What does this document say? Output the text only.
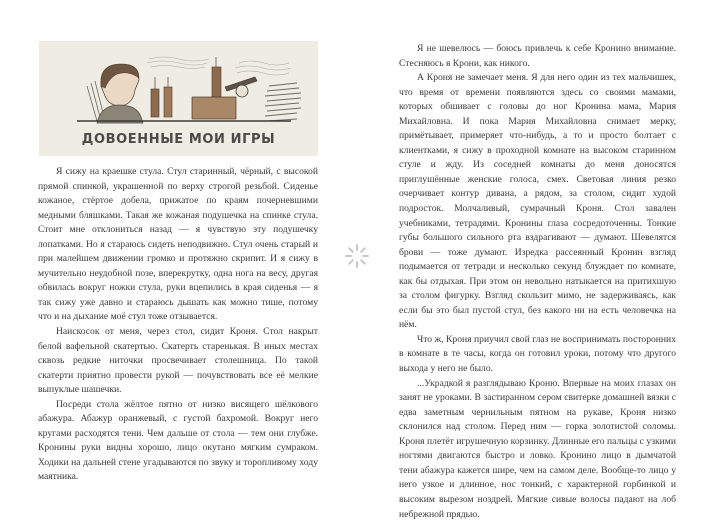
ДОВОЕННЫЕ МОИ ИГРЫ

Я сижу на краешке стула. Стул старинный, чёрный, с высокой прямой спинкой, украшенной по верху строгой резьбой. Сиденье кожаное, стёртое добела, прижатое по краям почерневшими медными бляшками. Такая же кожаная подушечка на спинке стула. Стоит мне отклониться назад — я чувствую эту подушечку лопатками. Но я стараюсь сидеть неподвижно. Стул очень старый и при малейшем движении громко и протяжно скрипит. И я сижу в мучительно неудобной позе, вперекрутку, одна нога на весу, другая обвилась вокруг ножки стула, руки вцепились в края сиденья — я так сижу уже давно и стараюсь дышать как можно тише, потому что и на дыхание моё стул тоже отзывается.

Наискосок от меня, через стол, сидит Кроня. Стол накрыт белой вафельной скатертью. Скатерть старенькая. В иных местах сквозь редкие ниточки просвечивает столешница. По такой скатерти приятно провести рукой — почувствовать все её мелкие выпуклые шашечки.

Посреди стола жёлтое пятно от низко висящего шёлкового абажура. Абажур оранжевый, с густой бахромой. Вокруг него кругами расходятся тени. Чем дальше от стола — тем они глубже. Кронины руки видны хорошо, лицо окутано мягким сумраком. Ходики на дальней стене угадываются по звуку и торопливому ходу маятника.

Я не шевелюсь — боюсь привлечь к себе Кронино внимание. Стесняюсь я Крони, как никого.

А Кроня не замечает меня. Я для него один из тех мальчишек, что время от времени появляются здесь со своими мамами, которых обшивает с головы до ног Кронина мама, Мария Михайловна. И пока Мария Михайловна снимает мерку, примётывает, примеряет что-нибудь, а то и просто болтает с клиентками, я сижу в проходной комнате на высоком старинном стуле и жду. Из соседней комнаты до меня доносятся приглушённые женские голоса, смех. Световая линия резко очерчивает контур дивана, а рядом, за столом, сидит худой подросток. Молчаливый, сумрачный Кроня. Стол завален учебниками, тетрадями. Кронины глаза сосредоточенны. Тонкие губы большого сильного рта вздрагивают — думают. Шевелятся брови — тоже думают. Изредка рассеянный Кронин взгляд подымается от тетради и несколько секунд блуждает по комнате, как бы отдыхая. При этом он невольно натыкается на притихшую за столом фигурку. Взгляд скользит мимо, не задерживаясь, как если бы это был пустой стул, без какого ни на есть человечка на нём.

Что ж, Кроня приучил свой глаз не воспринимать посторонних в комнате в те часы, когда он готовил уроки, потому что другого выхода у него не было.

...Украдкой я разглядываю Кроню. Впервые на моих глазах он занят не уроками. В застиранном сером свитерке домашней вязки с едва заметным чернильным пятном на рукаве, Кроня низко склонился над столом. Перед ним — горка золотистой соломы. Кроня плетёт игрушечную корзинку. Длинные его пальцы с узкими ногтями двигаются быстро и ловко. Кронино лицо в дымчатой тени абажура кажется шире, чем на самом деле. Вообще-то лицо у него узкое и длинное, нос тонкий, с характерной горбинкой и высоким вырезом ноздрей. Мягкие сивые волосы падают на лоб небрежной прядью.
